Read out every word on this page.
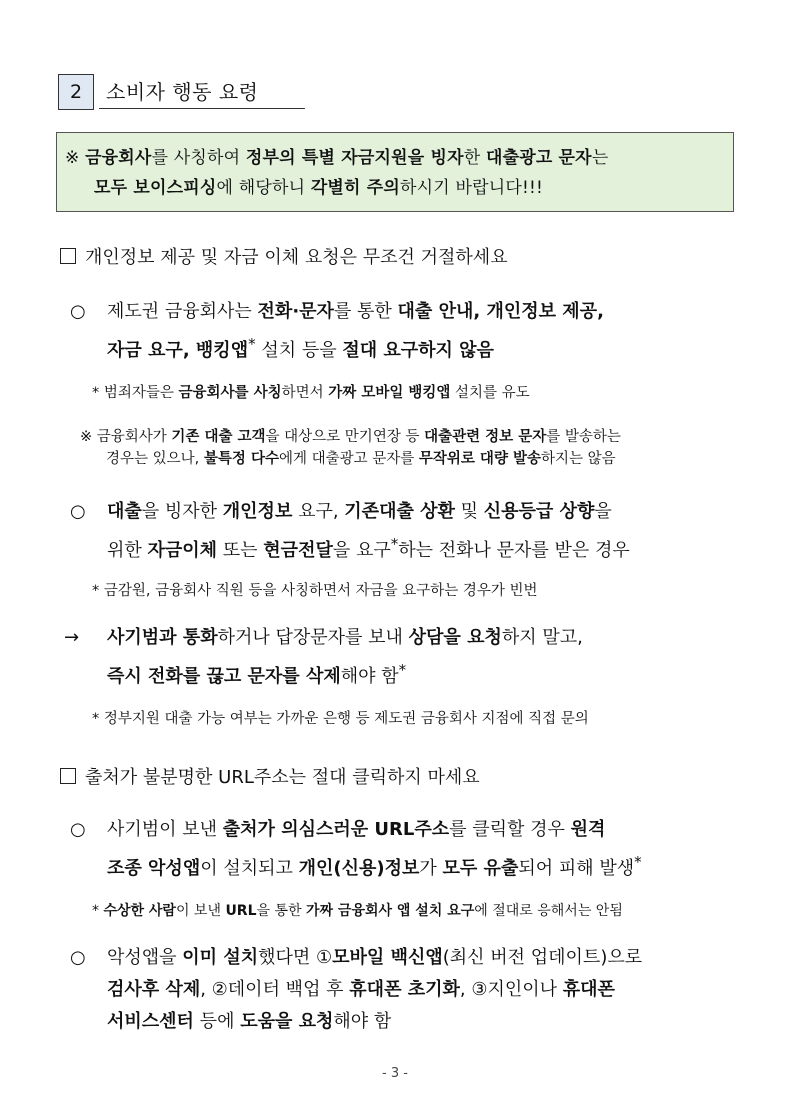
2	소비자 행동 요령
※ 금융회사를 사칭하여 정부의 특별 자금지원을 빙자한 대출광고 문자는
모두 보이스피싱에 해당하니 각별히 주의하시기 바랍니다!!!
개인정보 제공 및 자금 이체 요청은 무조건 거절하세요
○	제도권 금융회사는 전화·문자를 통한 대출 안내, 개인정보 제공,
자금 요구, 뱅킹앱* 설치 등을 절대 요구하지 않음
* 범죄자들은 금융회사를 사칭하면서 가짜 모바일 뱅킹앱 설치를 유도
※ 금융회사가 기존 대출 고객을 대상으로 만기연장 등 대출관련 정보 문자를 발송하는
경우는 있으나, 불특정 다수에게 대출광고 문자를 무작위로 대량 발송하지는 않음
○	대출을 빙자한 개인정보 요구, 기존대출 상환 및 신용등급 상향을
위한 자금이체 또는 현금전달을 요구*하는 전화나 문자를 받은 경우
* 금감원, 금융회사 직원 등을 사칭하면서 자금을 요구하는 경우가 빈번
→	사기범과 통화하거나 답장문자를 보내 상담을 요청하지 말고,
즉시 전화를 끊고 문자를 삭제해야 함*
* 정부지원 대출 가능 여부는 가까운 은행 등 제도권 금융회사 지점에 직접 문의
출처가 불분명한 URL주소는 절대 클릭하지 마세요
○	사기범이 보낸 출처가 의심스러운 URL주소를 클릭할 경우 원격
조종 악성앱이 설치되고 개인(신용)정보가 모두 유출되어 피해 발생*
* 수상한 사람이 보낸 URL을 통한 가짜 금융회사 앱 설치 요구에 절대로 응해서는 안됨
○	악성앱을 이미 설치했다면 ①모바일 백신앱(최신 버전 업데이트)으로
검사후 삭제, ②데이터 백업 후 휴대폰 초기화, ③지인이나 휴대폰
서비스센터 등에 도움을 요청해야 함
- 3 -
